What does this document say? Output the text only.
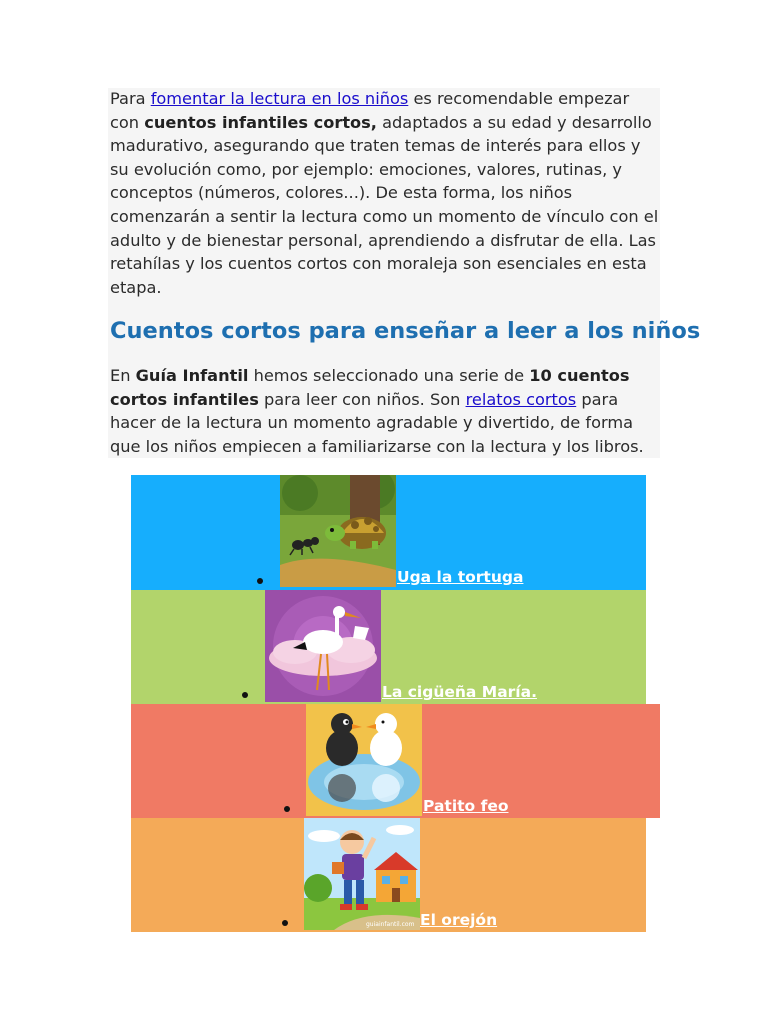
Para fomentar la lectura en los niños es recomendable empezar con cuentos infantiles cortos, adaptados a su edad y desarrollo madurativo, asegurando que traten temas de interés para ellos y su evolución como, por ejemplo: emociones, valores, rutinas, y conceptos (números, colores...). De esta forma, los niños comenzarán a sentir la lectura como un momento de vínculo con el adulto y de bienestar personal, aprendiendo a disfrutar de ella. Las retahílas y los cuentos cortos con moraleja son esenciales en esta etapa.

Cuentos cortos para enseñar a leer a los niños

En Guía Infantil hemos seleccionado una serie de 10 cuentos cortos infantiles para leer con niños. Son relatos cortos para hacer de la lectura un momento agradable y divertido, de forma que los niños empiecen a familiarizarse con la lectura y los libros.

Uga la tortuga
La cigüeña María.
Patito feo
guiainfantil.com El orejón
